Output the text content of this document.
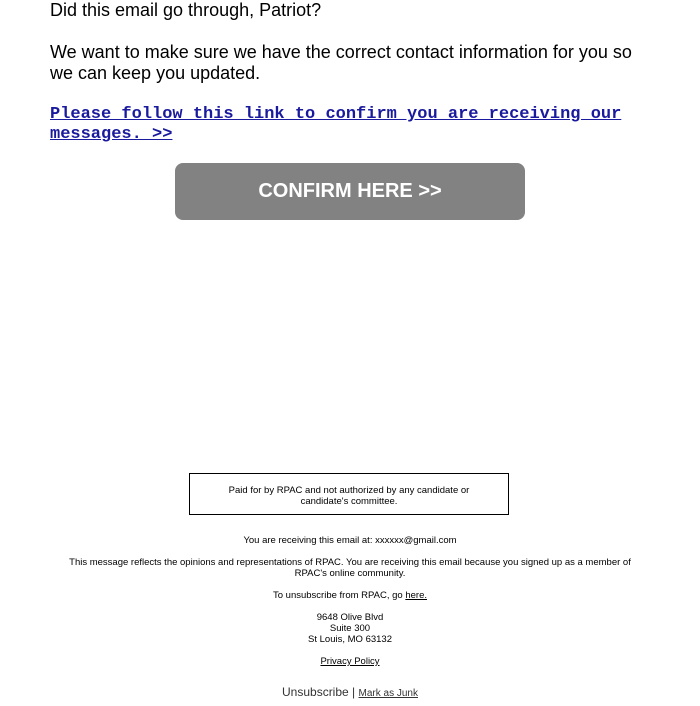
Did this email go through, Patriot?

We want to make sure we have the correct contact information for you so we can keep you updated.

Please follow this link to confirm you are receiving our messages. >>
CONFIRM HERE >>
Paid for by RPAC and not authorized by any candidate or
candidate's committee.

You are receiving this email at: xxxxxx@gmail.com

This message reflects the opinions and representations of RPAC. You are receiving this email because you signed up as a member of
RPAC's online community.

To unsubscribe from RPAC, go here.

9648 Olive Blvd
Suite 300
St Louis, MO 63132

Privacy Policy

Unsubscribe | Mark as Junk
